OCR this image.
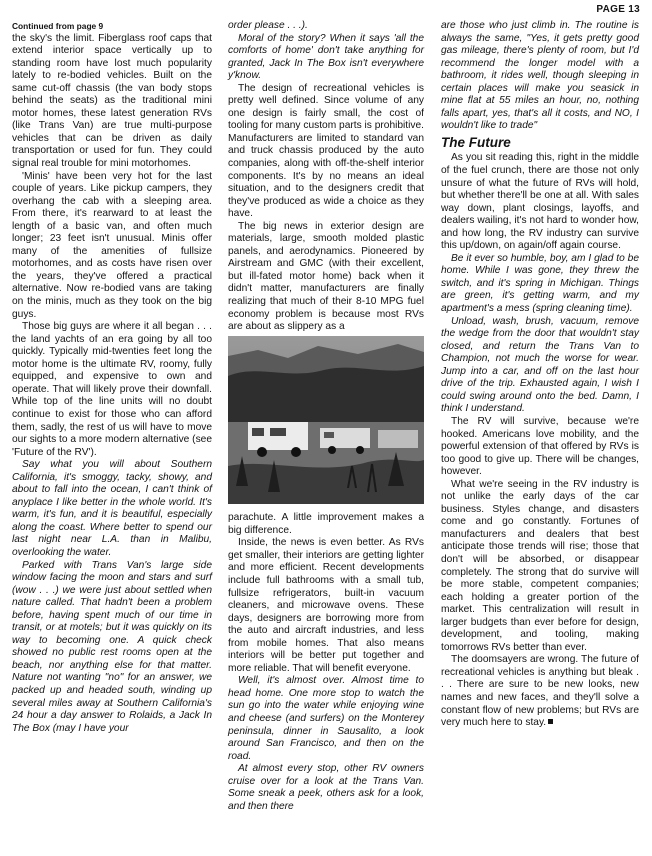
PAGE 13

Continued from page 9

the sky's the limit. Fiberglass roof caps that extend interior space vertically up to standing room have lost much popularity lately to re-bodied vehicles. Built on the same cut-off chassis (the van body stops behind the seats) as the traditional mini motor homes, these latest generation RVs (like Trans Van) are true multi-purpose vehicles that can be driven as daily transportation or used for fun. They could signal real trouble for mini motorhomes.

'Minis' have been very hot for the last couple of years. Like pickup campers, they overhang the cab with a sleeping area. From there, it's rearward to at least the length of a basic van, and often much longer; 23 feet isn't unusual. Minis offer many of the amenities of fullsize motorhomes, and as costs have risen over the years, they've offered a practical alternative. Now re-bodied vans are taking on the minis, much as they took on the big guys.

Those big guys are where it all began . . . the land yachts of an era going by all too quickly. Typically mid-twenties feet long the motor home is the ultimate RV, roomy, fully equipped, and expensive to own and operate. That will likely prove their downfall. While top of the line units will no doubt continue to exist for those who can afford them, sadly, the rest of us will have to move our sights to a more modern alternative (see 'Future of the RV').

Say what you will about Southern California, it's smoggy, tacky, showy, and about to fall into the ocean, I can't think of anyplace I like better in the whole world. It's warm, it's fun, and it is beautiful, especially along the coast. Where better to spend our last night near L.A. than in Malibu, overlooking the water.

Parked with Trans Van's large side window facing the moon and stars and surf (wow . . .) we were just about settled when nature called. That hadn't been a problem before, having spent much of our time in transit, or at motels; but it was quickly on its way to becoming one. A quick check showed no public rest rooms open at the beach, nor anything else for that matter. Nature not wanting "no" for an answer, we packed up and headed south, winding up several miles away at Southern California's 24 hour a day answer to Rolaids, a Jack In The Box (may I have your

order please . . .).

Moral of the story? When it says 'all the comforts of home' don't take anything for granted, Jack In The Box isn't everywhere y'know.

The design of recreational vehicles is pretty well defined. Since volume of any one design is fairly small, the cost of tooling for many custom parts is prohibitive. Manufacturers are limited to standard van and truck chassis produced by the auto companies, along with off-the-shelf interior components. It's by no means an ideal situation, and to the designers credit that they've produced as wide a choice as they have.

The big news in exterior design are materials, large, smooth molded plastic panels, and aerodynamics. Pioneered by Airstream and GMC (with their excellent, but ill-fated motor home) back when it didn't matter, manufacturers are finally realizing that much of their 8-10 MPG fuel economy problem is because most RVs are about as slippery as a

parachute. A little improvement makes a big difference.

Inside, the news is even better. As RVs get smaller, their interiors are getting lighter and more efficient. Recent developments include full bathrooms with a small tub, fullsize refrigerators, built-in vacuum cleaners, and microwave ovens. These days, designers are borrowing more from the auto and aircraft industries, and less from mobile homes. That also means interiors will be better put together and more reliable. That will benefit everyone.

Well, it's almost over. Almost time to head home. One more stop to watch the sun go into the water while enjoying wine and cheese (and surfers) on the Monterey peninsula, dinner in Sausalito, a look around San Francisco, and then on the road.

At almost every stop, other RV owners cruise over for a look at the Trans Van. Some sneak a peek, others ask for a look, and then there

are those who just climb in. The routine is always the same, "Yes, it gets pretty good gas mileage, there's plenty of room, but I'd recommend the longer model with a bathroom, it rides well, though sleeping in certain places will make you seasick in mine flat at 55 miles an hour, no, nothing falls apart, yes, that's all it costs, and NO, I wouldn't like to trade"

The Future

As you sit reading this, right in the middle of the fuel crunch, there are those not only unsure of what the future of RVs will hold, but whether there'll be one at all. With sales way down, plant closings, layoffs, and dealers wailing, it's not hard to wonder how, and how long, the RV industry can survive this up/down, on again/off again course.

Be it ever so humble, boy, am I glad to be home. While I was gone, they threw the switch, and it's spring in Michigan. Things are green, it's getting warm, and my apartment's a mess (spring cleaning time).

Unload, wash, brush, vacuum, remove the wedge from the door that wouldn't stay closed, and return the Trans Van to Champion, not much the worse for wear. Jump into a car, and off on the last hour drive of the trip. Exhausted again, I wish I could swing around onto the bed. Damn, I think I understand.

The RV will survive, because we're hooked. Americans love mobility, and the powerful extension of that offered by RVs is too good to give up. There will be changes, however.

What we're seeing in the RV industry is not unlike the early days of the car business. Styles change, and disasters come and go constantly. Fortunes of manufacturers and dealers that best anticipate those trends will rise; those that don't will be absorbed, or disappear completely. The strong that do survive will be more stable, competent companies; each holding a greater portion of the market. This centralization will result in larger budgets than ever before for design, development, and tooling, making tomorrows RVs better than ever.

The doomsayers are wrong. The future of recreational vehicles is anything but bleak . . . There are sure to be new looks, new names and new faces, and they'll solve a constant flow of new problems; but RVs are very much here to stay.
